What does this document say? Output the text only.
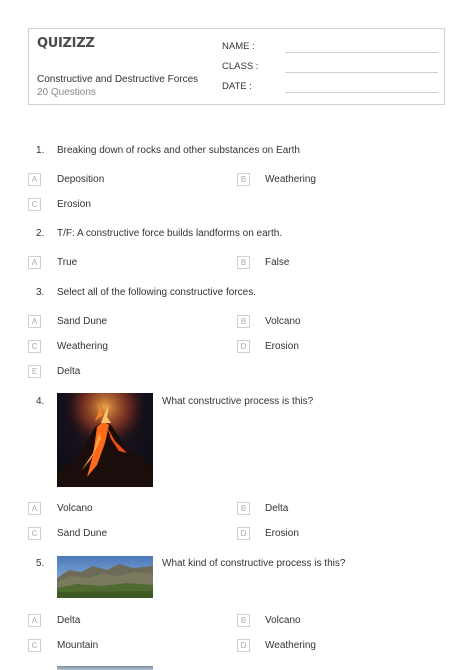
QUIZIZZ
Constructive and Destructive Forces
20 Questions
NAME :
CLASS :
DATE :
1. Breaking down of rocks and other substances on Earth
A	Deposition	B	Weathering
C	Erosion
2. T/F: A constructive force builds landforms on earth.
A	True	B	False
3. Select all of the following constructive forces.
A	Sand Dune	B	Volcano
C	Weathering	D	Erosion
E	Delta
4.	What constructive process is this?
A	Volcano	B	Delta
C	Sand Dune	D	Erosion
5.	What kind of constructive process is this?
A	Delta	B	Volcano
C	Mountain	D	Weathering
